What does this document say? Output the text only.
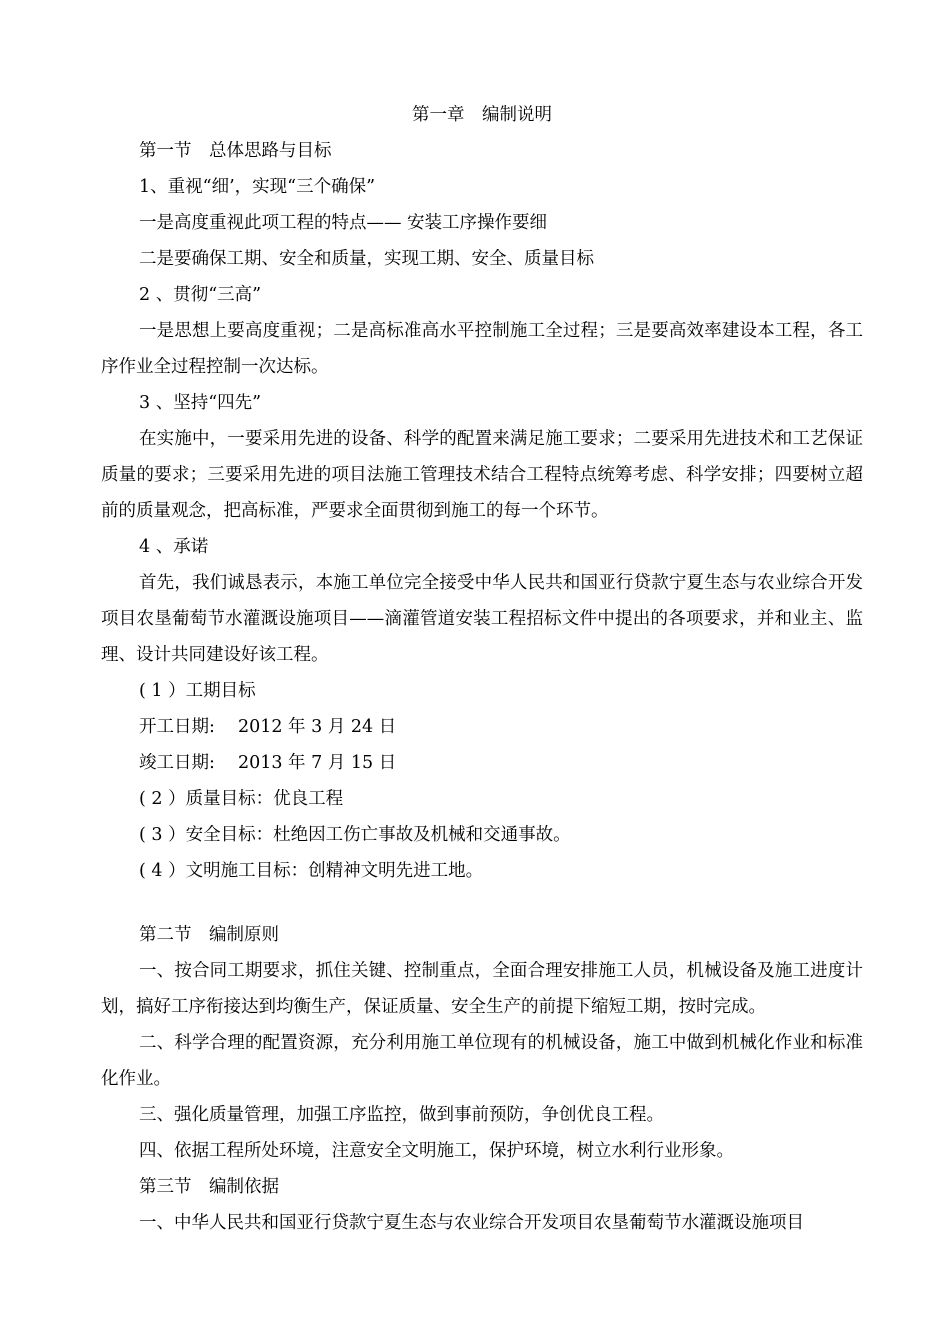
第一章　编制说明

第一节　总体思路与目标

1、重视“细’，实现“三个确保”

一是高度重视此项工程的特点—— 安装工序操作要细

二是要确保工期、安全和质量，实现工期、安全、质量目标

2 、贯彻“三高”

一是思想上要高度重视；二是高标准高水平控制施工全过程；三是要高效率建设本工程，各工序作业全过程控制一次达标。

3 、坚持“四先”

在实施中，一要采用先进的设备、科学的配置来满足施工要求；二要采用先进技术和工艺保证质量的要求；三要采用先进的项目法施工管理技术结合工程特点统筹考虑、科学安排；四要树立超前的质量观念，把高标准，严要求全面贯彻到施工的每一个环节。

4 、承诺

首先，我们诚恳表示，本施工单位完全接受中华人民共和国亚行贷款宁夏生态与农业综合开发项目农垦葡萄节水灌溉设施项目——滴灌管道安装工程招标文件中提出的各项要求，并和业主、监理、设计共同建设好该工程。

( 1 ）工期目标

开工日期:　 2012 年 3 月 24 日

竣工日期:　 2013 年 7 月 15 日

( 2 ）质量目标：优良工程

( 3 ）安全目标：杜绝因工伤亡事故及机械和交通事故。

( 4 ）文明施工目标：创精神文明先进工地。

第二节　编制原则

一、按合同工期要求，抓住关键、控制重点，全面合理安排施工人员，机械设备及施工进度计划，搞好工序衔接达到均衡生产，保证质量、安全生产的前提下缩短工期，按时完成。

二、科学合理的配置资源，充分利用施工单位现有的机械设备，施工中做到机械化作业和标准化作业。

三、强化质量管理，加强工序监控，做到事前预防，争创优良工程。

四、依据工程所处环境，注意安全文明施工，保护环境，树立水利行业形象。

第三节　编制依据

一、中华人民共和国亚行贷款宁夏生态与农业综合开发项目农垦葡萄节水灌溉设施项目
